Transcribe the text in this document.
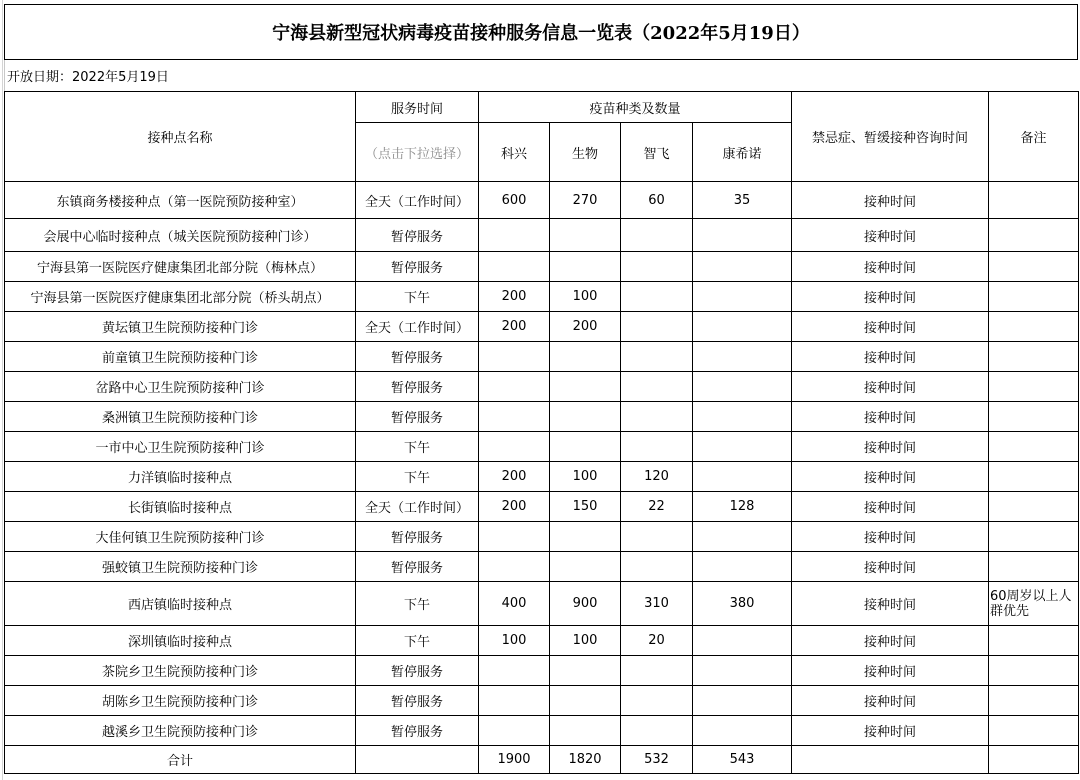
宁海县新型冠状病毒疫苗接种服务信息一览表（2022年5月19日）
开放日期：2022年5月19日
接种点名称	服务时间	疫苗种类及数量				禁忌症、暂缓接种咨询时间	备注
	（点击下拉选择）	科兴	生物	智飞	康希诺		
东镇商务楼接种点（第一医院预防接种室）	全天（工作时间）	600	270	60	35	接种时间	
会展中心临时接种点（城关医院预防接种门诊）	暂停服务					接种时间	
宁海县第一医院医疗健康集团北部分院（梅林点）	暂停服务					接种时间	
宁海县第一医院医疗健康集团北部分院（桥头胡点）	下午	200	100			接种时间	
黄坛镇卫生院预防接种门诊	全天（工作时间）	200	200			接种时间	
前童镇卫生院预防接种门诊	暂停服务					接种时间	
岔路中心卫生院预防接种门诊	暂停服务					接种时间	
桑洲镇卫生院预防接种门诊	暂停服务					接种时间	
一市中心卫生院预防接种门诊	下午					接种时间	
力洋镇临时接种点	下午	200	100	120		接种时间	
长街镇临时接种点	全天（工作时间）	200	150	22	128	接种时间	
大佳何镇卫生院预防接种门诊	暂停服务					接种时间	
强蛟镇卫生院预防接种门诊	暂停服务					接种时间	
西店镇临时接种点	下午	400	900	310	380	接种时间	60周岁以上人群优先
深圳镇临时接种点	下午	100	100	20		接种时间	
茶院乡卫生院预防接种门诊	暂停服务					接种时间	
胡陈乡卫生院预防接种门诊	暂停服务					接种时间	
越溪乡卫生院预防接种门诊	暂停服务					接种时间	
合计		1900	1820	532	543		
